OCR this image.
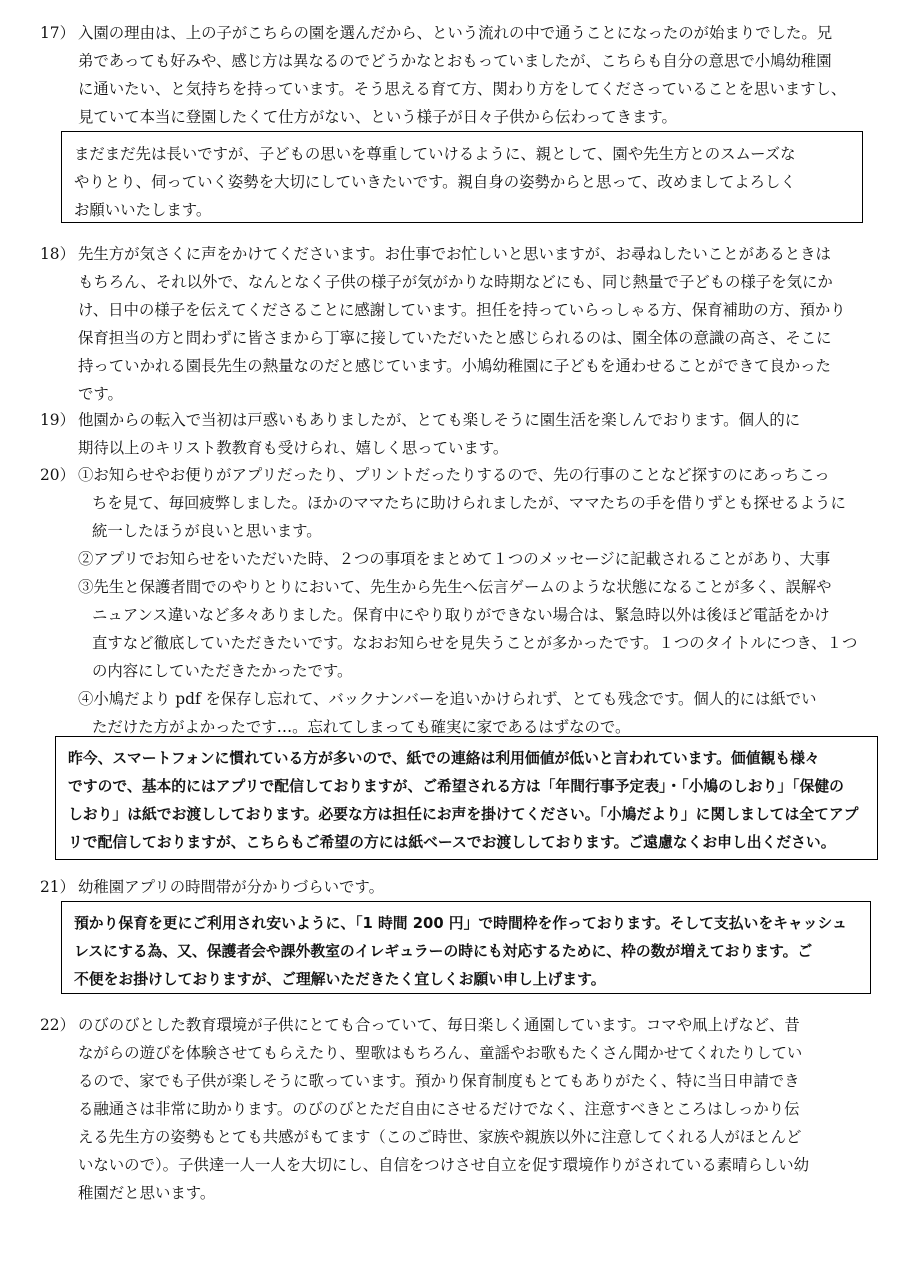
17） 入園の理由は、上の子がこちらの園を選んだから、という流れの中で通うことになったのが始まりでした。兄
弟であっても好みや、感じ方は異なるのでどうかなとおもっていましたが、こちらも自分の意思で小鳩幼稚園
に通いたい、と気持ちを持っています。そう思える育て方、関わり方をしてくださっていることを思いますし、
見ていて本当に登園したくて仕方がない、という様子が日々子供から伝わってきます。
まだまだ先は長いですが、子どもの思いを尊重していけるように、親として、園や先生方とのスムーズな
やりとり、伺っていく姿勢を大切にしていきたいです。親自身の姿勢からと思って、改めましてよろしく
お願いいたします。
18） 先生方が気さくに声をかけてくださいます。お仕事でお忙しいと思いますが、お尋ねしたいことがあるときは
もちろん、それ以外で、なんとなく子供の様子が気がかりな時期などにも、同じ熱量で子どもの様子を気にか
け、日中の様子を伝えてくださることに感謝しています。担任を持っていらっしゃる方、保育補助の方、預かり
保育担当の方と問わずに皆さまから丁寧に接していただいたと感じられるのは、園全体の意識の高さ、そこに
持っていかれる園長先生の熱量なのだと感じています。小鳩幼稚園に子どもを通わせることができて良かった
です。
19） 他園からの転入で当初は戸惑いもありましたが、とても楽しそうに園生活を楽しんでおります。個人的に
期待以上のキリスト教教育も受けられ、嬉しく思っています。
20） ①お知らせやお便りがアプリだったり、プリントだったりするので、先の行事のことなど探すのにあっちこっ
ちを見て、毎回疲弊しました。ほかのママたちに助けられましたが、ママたちの手を借りずとも探せるように
統一したほうが良いと思います。
②アプリでお知らせをいただいた時、２つの事項をまとめて１つのメッセージに記載されることがあり、大事
③先生と保護者間でのやりとりにおいて、先生から先生へ伝言ゲームのような状態になることが多く、誤解や
ニュアンス違いなど多々ありました。保育中にやり取りができない場合は、緊急時以外は後ほど電話をかけ
直すなど徹底していただきたいです。なおお知らせを見失うことが多かったです。１つのタイトルにつき、１つ
の内容にしていただきたかったです。
④小鳩だより pdf を保存し忘れて、バックナンバーを追いかけられず、とても残念です。個人的には紙でい
ただけた方がよかったです…。忘れてしまっても確実に家であるはずなので。
昨今、スマートフォンに慣れている方が多いので、紙での連絡は利用価値が低いと言われています。価値観も様々
ですので、基本的にはアプリで配信しておりますが、ご希望される方は「年間行事予定表」・「小鳩のしおり」「保健の
しおり」は紙でお渡ししております。必要な方は担任にお声を掛けてください。「小鳩だより」に関しましては全てアプ
リで配信しておりますが、こちらもご希望の方には紙ベースでお渡ししております。ご遠慮なくお申し出ください。
21） 幼稚園アプリの時間帯が分かりづらいです。
預かり保育を更にご利用され安いように、「1 時間 200 円」で時間枠を作っております。そして支払いをキャッシュ
レスにする為、又、保護者会や課外教室のイレギュラーの時にも対応するために、枠の数が増えております。ご
不便をお掛けしておりますが、ご理解いただきたく宜しくお願い申し上げます。
22） のびのびとした教育環境が子供にとても合っていて、毎日楽しく通園しています。コマや凧上げなど、昔
ながらの遊びを体験させてもらえたり、聖歌はもちろん、童謡やお歌もたくさん聞かせてくれたりしてい
るので、家でも子供が楽しそうに歌っています。預かり保育制度もとてもありがたく、特に当日申請でき
る融通さは非常に助かります。のびのびとただ自由にさせるだけでなく、注意すべきところはしっかり伝
える先生方の姿勢もとても共感がもてます（このご時世、家族や親族以外に注意してくれる人がほとんど
いないので）。子供達一人一人を大切にし、自信をつけさせ自立を促す環境作りがされている素晴らしい幼
稚園だと思います。
